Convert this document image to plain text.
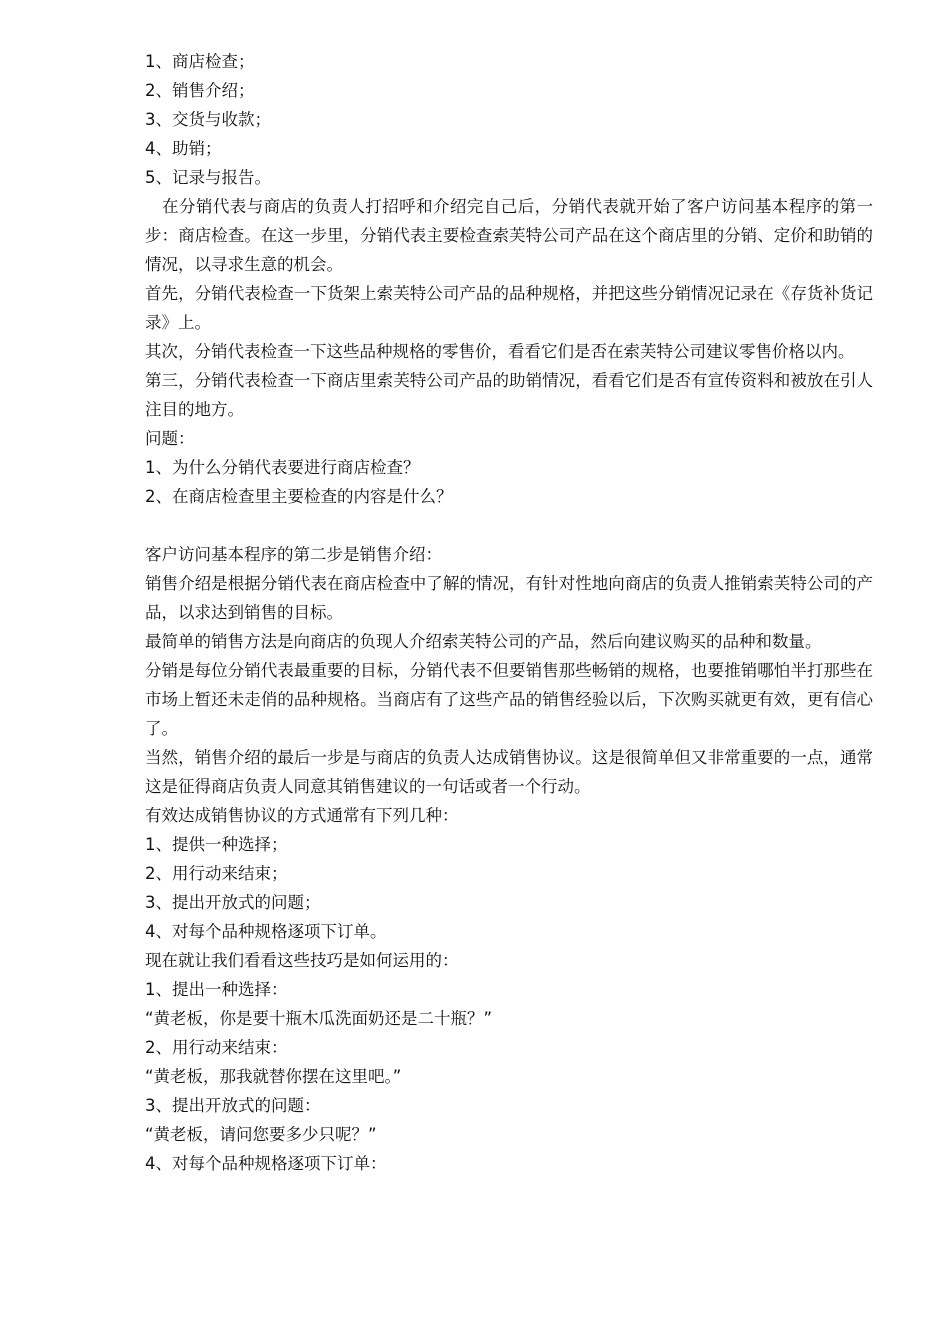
1、商店检查；

2、销售介绍；

3、交货与收款；

4、助销；

5、记录与报告。

在分销代表与商店的负责人打招呼和介绍完自己后，分销代表就开始了客户访问基本程序的第一步：商店检查。在这一步里，分销代表主要检查索芙特公司产品在这个商店里的分销、定价和助销的情况，以寻求生意的机会。

首先，分销代表检查一下货架上索芙特公司产品的品种规格，并把这些分销情况记录在《存货补货记录》上。

其次，分销代表检查一下这些品种规格的零售价，看看它们是否在索芙特公司建议零售价格以内。

第三，分销代表检查一下商店里索芙特公司产品的助销情况，看看它们是否有宣传资料和被放在引人注目的地方。

问题：

1、为什么分销代表要进行商店检查？

2、在商店检查里主要检查的内容是什么？

客户访问基本程序的第二步是销售介绍：

销售介绍是根据分销代表在商店检查中了解的情况，有针对性地向商店的负责人推销索芙特公司的产品，以求达到销售的目标。

最简单的销售方法是向商店的负现人介绍索芙特公司的产品，然后向建议购买的品种和数量。

分销是每位分销代表最重要的目标，分销代表不但要销售那些畅销的规格，也要推销哪怕半打那些在市场上暂还未走俏的品种规格。当商店有了这些产品的销售经验以后，下次购买就更有效，更有信心了。

当然，销售介绍的最后一步是与商店的负责人达成销售协议。这是很简单但又非常重要的一点，通常这是征得商店负责人同意其销售建议的一句话或者一个行动。

有效达成销售协议的方式通常有下列几种：

1、提供一种选择；

2、用行动来结束；

3、提出开放式的问题；

4、对每个品种规格逐项下订单。

现在就让我们看看这些技巧是如何运用的：

1、提出一种选择：

“黄老板，你是要十瓶木瓜洗面奶还是二十瓶？”

2、用行动来结束：

“黄老板，那我就替你摆在这里吧。”

3、提出开放式的问题：

“黄老板，请问您要多少只呢？”

4、对每个品种规格逐项下订单：
